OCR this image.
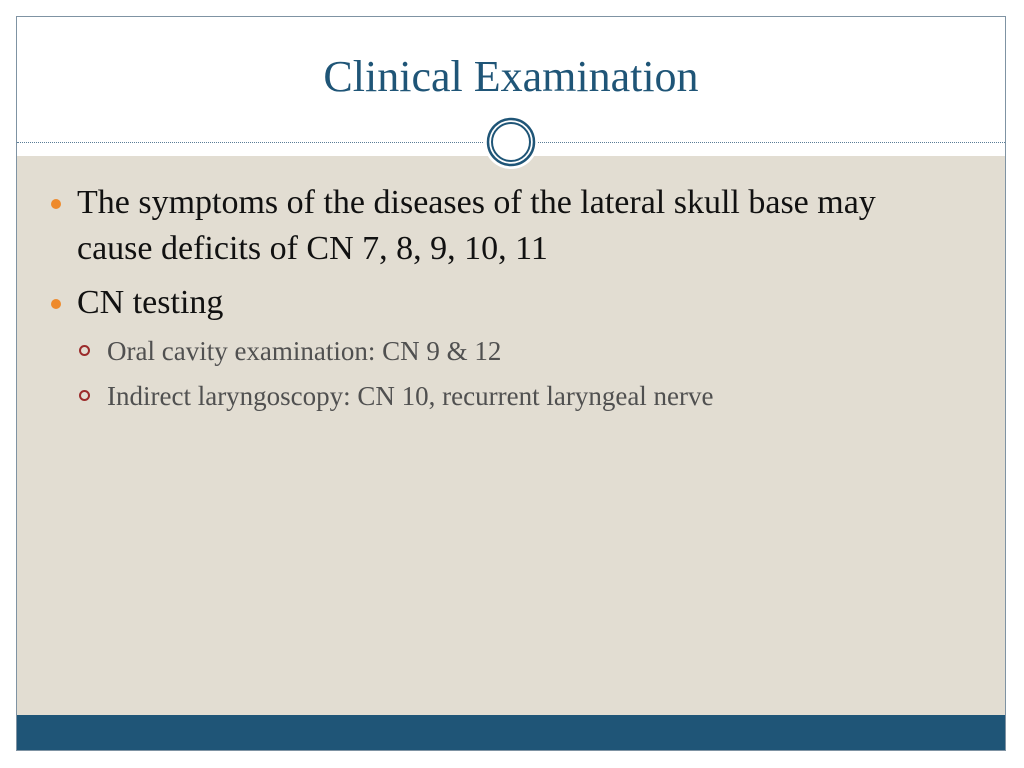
Clinical Examination
The symptoms of the diseases of the lateral skull base may cause deficits of CN 7, 8, 9, 10, 11
CN testing
Oral cavity examination: CN 9 & 12
Indirect laryngoscopy: CN 10, recurrent laryngeal nerve
